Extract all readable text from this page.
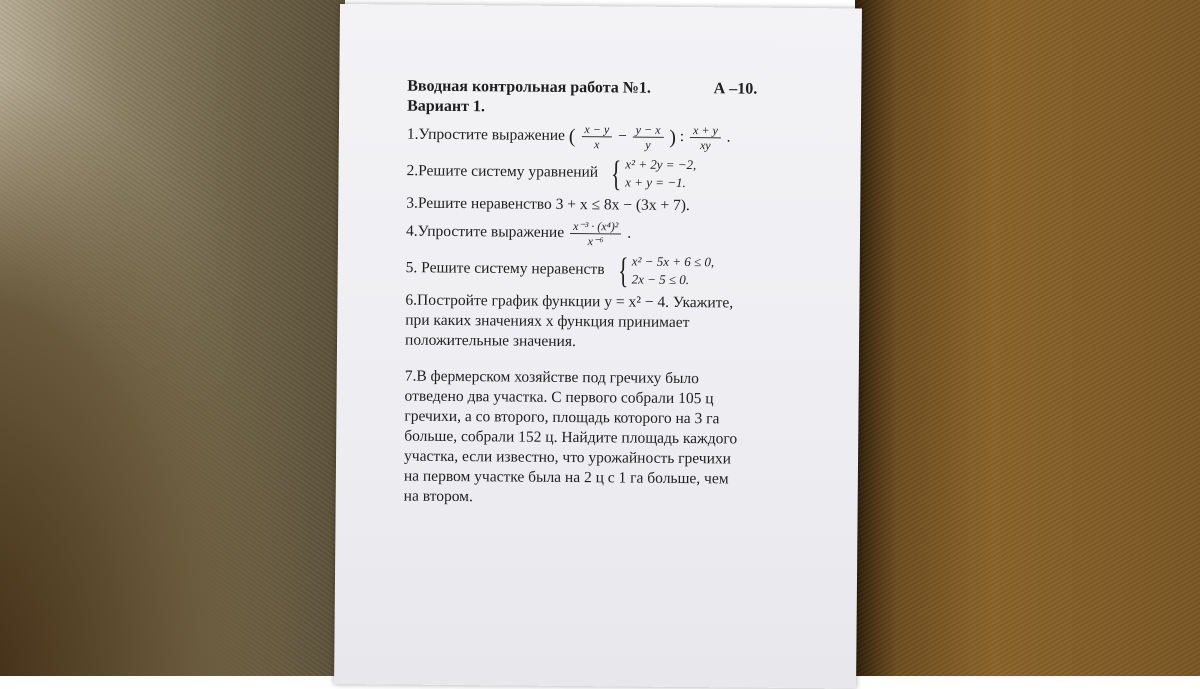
Вводная контрольная работа №1.	А –10.
Вариант 1.
1.Упростите выражение ( $\frac{x - y}{x} - \frac{y - x}{y}$ ) : $\frac{x + y}{xy}$ .
2.Решите систему уравнений { x² + 2y = −2,
x + y = −1.
3.Решите неравенство 3 + x ≤ 8x − (3x + 7).
4.Упростите выражение $\frac{\text{x⁻³ · (x⁴)²}}{\text{x⁻⁶}}$ .
5. Решите систему неравенств { x² − 5x + 6 ≤ 0,
2x − 5 ≤ 0.
6.Постройте график функции y = x² − 4. Укажите,
при каких значениях x функция принимает
положительные значения.
7.В фермерском хозяйстве под гречиху было
отведено два участка. С первого собрали 105 ц
гречихи, а со второго, площадь которого на 3 га
больше, собрали 152 ц. Найдите площадь каждого
участка, если известно, что урожайность гречихи
на первом участке была на 2 ц с 1 га больше, чем
на втором.
